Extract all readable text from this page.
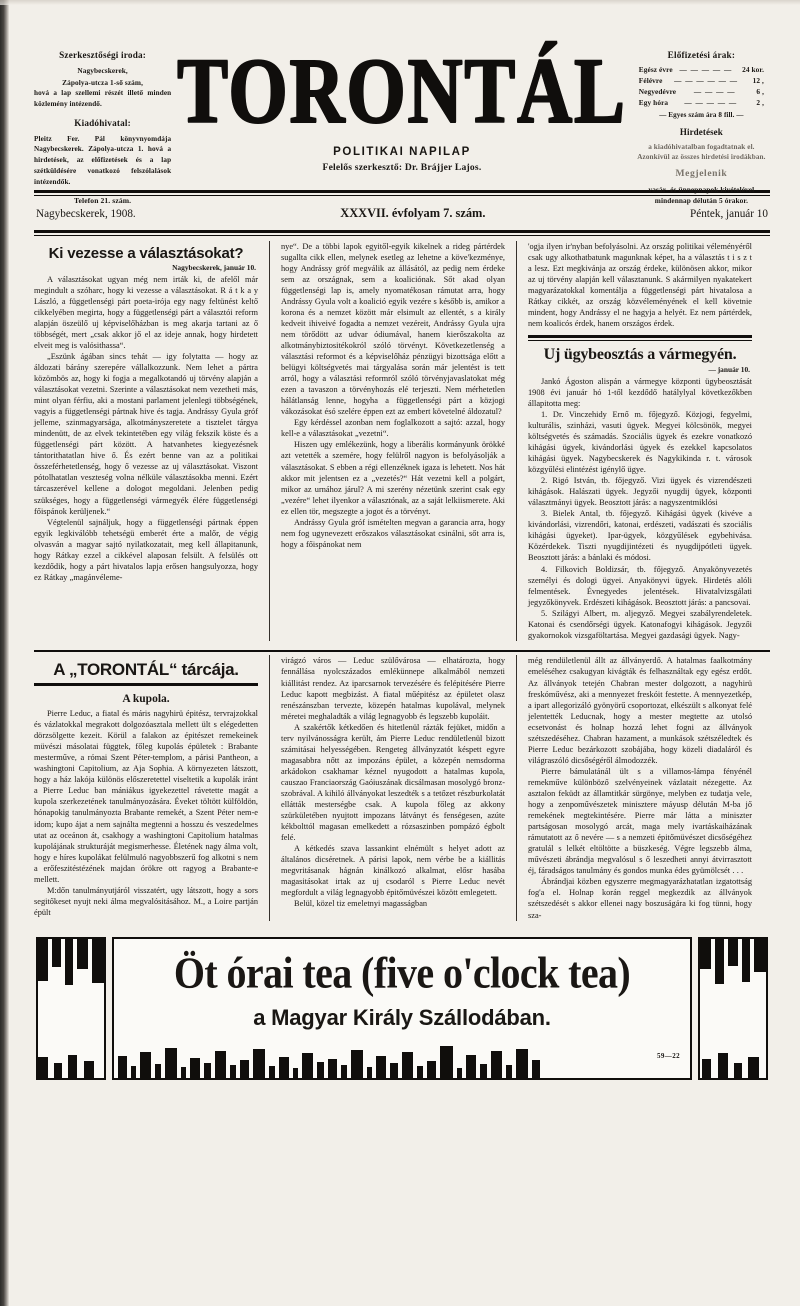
Szerkesztőségi iroda:
Nagybecskerek,
Zápolya-utcza 1-ső szám,
hová a lap szellemi részét illető minden közlemény intézendő.
Kiadóhivatal:
Pleitz Fer. Pál könyvnyomdája Nagybecskerek. Zápolya-utcza 1. hová a hirdetések, az előfizetések és a lap szétküldésére vonatkozó felszólalások intézendők.
Telefon 21. szám.
TORONTÁL
POLITIKAI NAPILAP
Felelős szerkesztő: Dr. Brájjer Lajos.
Előfizetési árak:
Egész évre — — — — —	24 kor.
Félévre	— — — — — —	12 ,
Negyedévre	— — — —	6 ,
Egy hóra	— — — — —	2 ,
— Egyes szám ára 8 fill. —
Hirdetések
a kiadóhivatalban fogadtatnak el. Azonkívül az összes hirdetési irodákban.
Megjelenik
vasár- és ünnepnapok kivételével mindennap délután 5 órakor.
Nagybecskerek, 1908.	XXXVII. évfolyam 7. szám.	Péntek, január 10
Ki vezesse a választásokat?
Nagybecskerek, január 10.

A választásokat ugyan még nem irták ki, de afelől már megindult a szóharc, hogy ki vezesse a választásokat. R á t k a y László, a függetlenségi párt poeta-irója egy nagy feltünést keltő cikkelyében megirta, hogy a függetlenségi párt a választói reform alapján öszeülő uj képviselőházban is meg akarja tartani az ő többségét, mert „csak akkor jő el az ideje annak, hogy hirdetett elveit meg is valósithassa“.

„Eszünk ágában sincs tehát — igy folytatta — hogy az áldozati bárány szerepére vállalkozzunk. Nem lehet a pártra közömbös az, hogy ki fogja a megalkotandó uj törvény alapján a választásokat vezetni. Szerinte a választásokat nem vezetheti más, mint olyan férfiu, aki a mostani parlament jelenlegi többségének, vagyis a függetlenségi pártnak hive és tagja. Andrássy Gyula gróf jelleme, szinmagyarsága, alkotmányszeretete a tisztelet tárgya mindenütt, de az elvek tekintetében egy világ fekszik köste és a függetlenségi párt között. A hatvanhetes kiegyezésnek tántorithatatlan hive ő. És ezért benne van az a politikai összeférhetetlenség, hogy ő vezesse az uj választásokat. Viszont pótolhatatlan veszteség volna nélküle választásokba menni. Ezért tárcaszerével kellene a dologot megoldani. Jelenben pedig szükséges, hogy a függetlenségi vármegyék élére függetlenségi főispánok kerüljenek.“

Végtelenül sajnáljuk, hogy a függetlenségi pártnak éppen egyik legkiválóbb tehetségü emberét érte a malőr, de végig olvasván a magyar sajtó nyilatkozatait, meg kell állapitanunk, hogy Rátkay ezzel a cikkével alaposan felsült. A felsülés ott kezdődik, hogy a párt hivatalos lapja erősen hangsulyozza, hogy ez Rátkay „magánvéleme-

nye“. De a többi lapok egyitől-egyik kikelnek a rideg pártérdek sugallta cikk ellen, melynek esetleg az lehetne a köve'kezménye, hogy Andrássy gróf megválik az állásától, az pedig nem érdeke sem az országnak, sem a koaliciónak. Sőt akad olyan függetlenségi lap is, amely nyomatékosan rámutat arra, hogy Andrássy Gyula volt a koalició egyik vezére s később is, amikor a korona és a nemzet között már elsimult az ellentét, s a király kedveit ihiveivé fogadta a nemzet vezéreit, Andrássy Gyula ujra nem törődött az udvar ódiumával, hanem kierőszakolta az alkotmánybiztositékokról szóló törvényt. Következetlenség a választási reformot és a képviselőház pénzügyi bizottsága előtt a belügyi költségvetés mai tárgyalása során már jelentést is tett arról, hogy a választási reformról szóló törvényjavaslatokat még ezen a tavaszon a törvényhozás elé terjeszti. Nem mérhetetlen hálátlanság lenne, hogyha a függetlenségi párt a közjogi vákozásokat ésó szelére éppen ezt az embert követelné áldozatul?

Egy kérdéssel azonban nem foglalkozott a sajtó: azzal, hogy kell-e a választásokat „vezetni“.

Hiszen ugy emlékezünk, hogy a liberális kormányunk örökké azt vetették a szemére, hogy felülről nagyon is befolyásolják a választásokat. S ebben a régi ellenzéknek igaza is lehetett. Nos hát akkor mit jelentsen ez a „vezetés?“ Hát vezetni kell a polgárt, mikor az urnához járul? A mi szerény nézetünk szerint csak egy „vezére“ lehet ilyenkor a választónak, az a saját lelkiismerete. Aki ez ellen tör, megszegte a jogot és a törvényt.

Andrássy Gyula gróf ismételten megvan a garancia arra, hogy nem fog ugynevezett erőszakos választásokat csinálni, sőt arra is, hogy a főispánokat nem

'ogja ilyen ir'nyban befolyásolni. Az ország politikai véleményéről csak ugy alkothatbatunk magunknak képet, ha a választás t i s z t a lesz. Ezt megkivánja az ország érdeke, különösen akkor, mikor az uj törvény alapján kell választanunk. S akármilyen nyakatekert magyarázatokkal komentálja a függetlenségi párt hivatalosa a Rátkay cikkét, az ország közvéleményének el kell követnie mindent, hogy Andrássy el ne hagyja a helyét. Ez nem pártérdek, nem koalicós érdek, hanem országos érdek.

Uj ügybeosztás a vármegyén.
— január 10.

Jankó Ágoston alispán a vármegye központi ügybeosztását 1908 évi január hó 1-től kezdődő hatálylyal következőkben állapitotta meg:

1. Dr. Vinczehidy Ernő m. főjegyző. Közjogi, fegyelmi, kulturális, szinházi, vasuti ügyek. Megyei kölcsönök, megyei költségvetés és számadás. Szociális ügyek és ezekre vonatkozó kihágási ügyek, kivándorlási ügyek és ezekkel kapcsolatos kihágási ügyek. Nagybecskerek és Nagykikinda r. t. városok közgyűlési elintézést igénylő ügye.

2. Rigó István, tb. főjegyző. Vizi ügyek és vizrendészeti kihágások. Halászati ügyek. Jegyzői nyugdij ügyek, központi választmányi ügyek. Beosztott járás: a nagyszentmiklósi

3. Bielek Antal, tb. főjegyző. Kihágási ügyek (kivéve a kivándorlási, vizrendőri, katonai, erdészeti, vadászati és szociális kihágási ügyeket). Ipar-ügyek, közgyűlések egybehivása. Közérdekek. Tiszti nyugdijintézeti és nyugdijpótleti ügyek. Beosztott járás: a bánlaki és módosi.

4. Filkovich Boldizsár, tb. főjegyző. Anyakönyvezetés személyi és dologi ügyei. Anyakönyvi ügyek. Hirdetés alóli felmentések. Évnegyedes jelentések. Hivatalvizsgálati jegyzőkönyvek. Erdészeti kihágások. Beosztott járás: a pancsovai.

5. Szilágyi Albert, m. aljegyző. Megyei szabályrendeletek. Katonai és csendőrségi ügyek. Katonafogyi kihágások. Jegyzői gyakornokok vizsgaföltartása. Megyei gazdasági ügyek. Nagy-

A „TORONTÁL“ tárcája.
A kupola.

Pierre Leduc, a fiatal és máris nagyhirü épitész, tervrajzokkal és vázlatokkal megrakott dolgozóasztala mellett ült s elégedetten dörzsölgette kezeit. Körül a falakon az épitészet remekeinek müvészi másolatai függtek, főleg kupolás épületek : Brabante mesterműve, a római Szent Péter-templom, a párisi Pantheon, a washingtoni Capitolium, az Aja Sophia. A környezeten látszott, hogy a ház lakója különös előszeretettel viseltetik a kupolák iránt a Pierre Leduc ban mániákus igyekezettel rávetette magát a kupola szerkezetének tanulmányozására. Éveket töltött külföldön, hónapokig tanulmányozta Brabante remekét, a Szent Péter nem-e idom; kupo ájat a nem sajnálta megtenni a hosszu és veszedelmes utat az oceánon át, csakhogy a washingtoni Capitolium hatalmas kupolájának strukturáját megismerhesse. Életének nagy álma volt, hogy e híres kupolákat felülmuló nagyobbszerű fog alkotni s nem a erőfeszitéstézének majdan órökre ott ragyog a Brabante-e mellett.

M:dőn tanulmányutjáról visszatért, ugy látszott, hogy a sors segitőkeset nyujt neki álma megvalósitásához. M., a Loire partján épült

virágzó város — Leduc szülővárosa — elhatározta, hogy fennállása nyolcszázados emlékünnepe alkalmából nemzeti kiállitást rendez. Az iparcsarnok tervezésére és felépitésére Pierre Leduc kapott megbizást. A fiatal műépitész az épületet olasz renészánszban tervezte, közepén hatalmas kupolával, melynek méretei meghaladták a világ legnagyobb és legszebb kupoláit.

A szakértők kétkedően és hitetlenül rázták fejüket, midőn a terv nyilvánosságra került, ám Pierre Leduc rendületlenül bizott számitásai helyességében. Rengeteg állványzatót késpett egyre magasabbra nőtt az impozáns épület, a közepén nemsdorma arkádokon csakhamar kéznel nyugodott a hatalmas kupola, causzao Franciaország Gaóiuszának dicsálmasan mosolygó bronz-szobrával. A kihiló állványokat leszedték s a tetőzet részburkolatát ellátták mesterségbe csak. A kupola főleg az akkony szürkületében nyujtott impozans látványt és fenségesen, azúte kékbolttól magasan emelkedett a rózsaszinben pompázó égbolt felé.

A kétkedés szava lassankint elnémült s helyet adott az általános dicséretnek. A párisi lapok, nem vérbe be a kiállitás megvritásanak hágnán kinálkozó alkalmat, elősr hasába magasitásokat irtak az uj csodaról s Pierre Leduc nevét megfordult a világ legnagyobb épitőmüvészei között emlegetett.

Belül, közel tiz emeletnyi magasságban

még rendületlenül állt az állványerdő. A hatalmas faalkotmány emeléséhez csakugyan kivágták és felhasználtak egy egész erdőt. Az állványok tetején Chabran mester dolgozott, a nagyhirü freskóművész, aki a mennyezet freskóit festette. A mennyezetkép, a ipart allegorizáló gyönyörű csoportozat, elkészült s alkonyat felé jelentették Leducnak, hogy a mester megtette az utolsó ecsetvonást és holnap hozzá lehet fogni az állványok szétszedéséhez. Chabran hazament, a munkások szétszéledtek és Pierre Leduc bezárkozott szobájába, hogy közeli diadaláról és világraszóló dicsőségéről álmodozzék.

Pierre bámulatánál ült s a villamos-lámpa fényénél remekműve különböző szelvényeinek vázlatait nézegette. Az asztalon feküdt az államtitkár sürgönye, melyben ez tudatja vele, hogy a zenpoművészetek minisztere máyusp délután M-ba jő remekének megtekintésére. Pierre már látta a miniszter partságosan mosolygó arcát, maga mely ivartáskaiházának rámutatott az ő nevére — s a nemzeti épitőmüvészet dicsőségéhez gratulál s lelkét eltöltötte a büszkeség. Végre legszebb álma, művészeti ábrándja megvalósul s ő leszedheti annyi átvirrasztott éj, fáradságos tanulmány és gondos munka édes gyümölcsét . . .

Ábrándjai közben egyszerre megmagyarázhatatlan izgatottság fog'a el. Holnap korán reggel megkezdik az állványok szétszedését s akkor ellenei nagy boszuságára ki fog tünni, hogy sza-

Öt órai tea (five o'clock tea)
a Magyar Király Szállodában.
59—22
